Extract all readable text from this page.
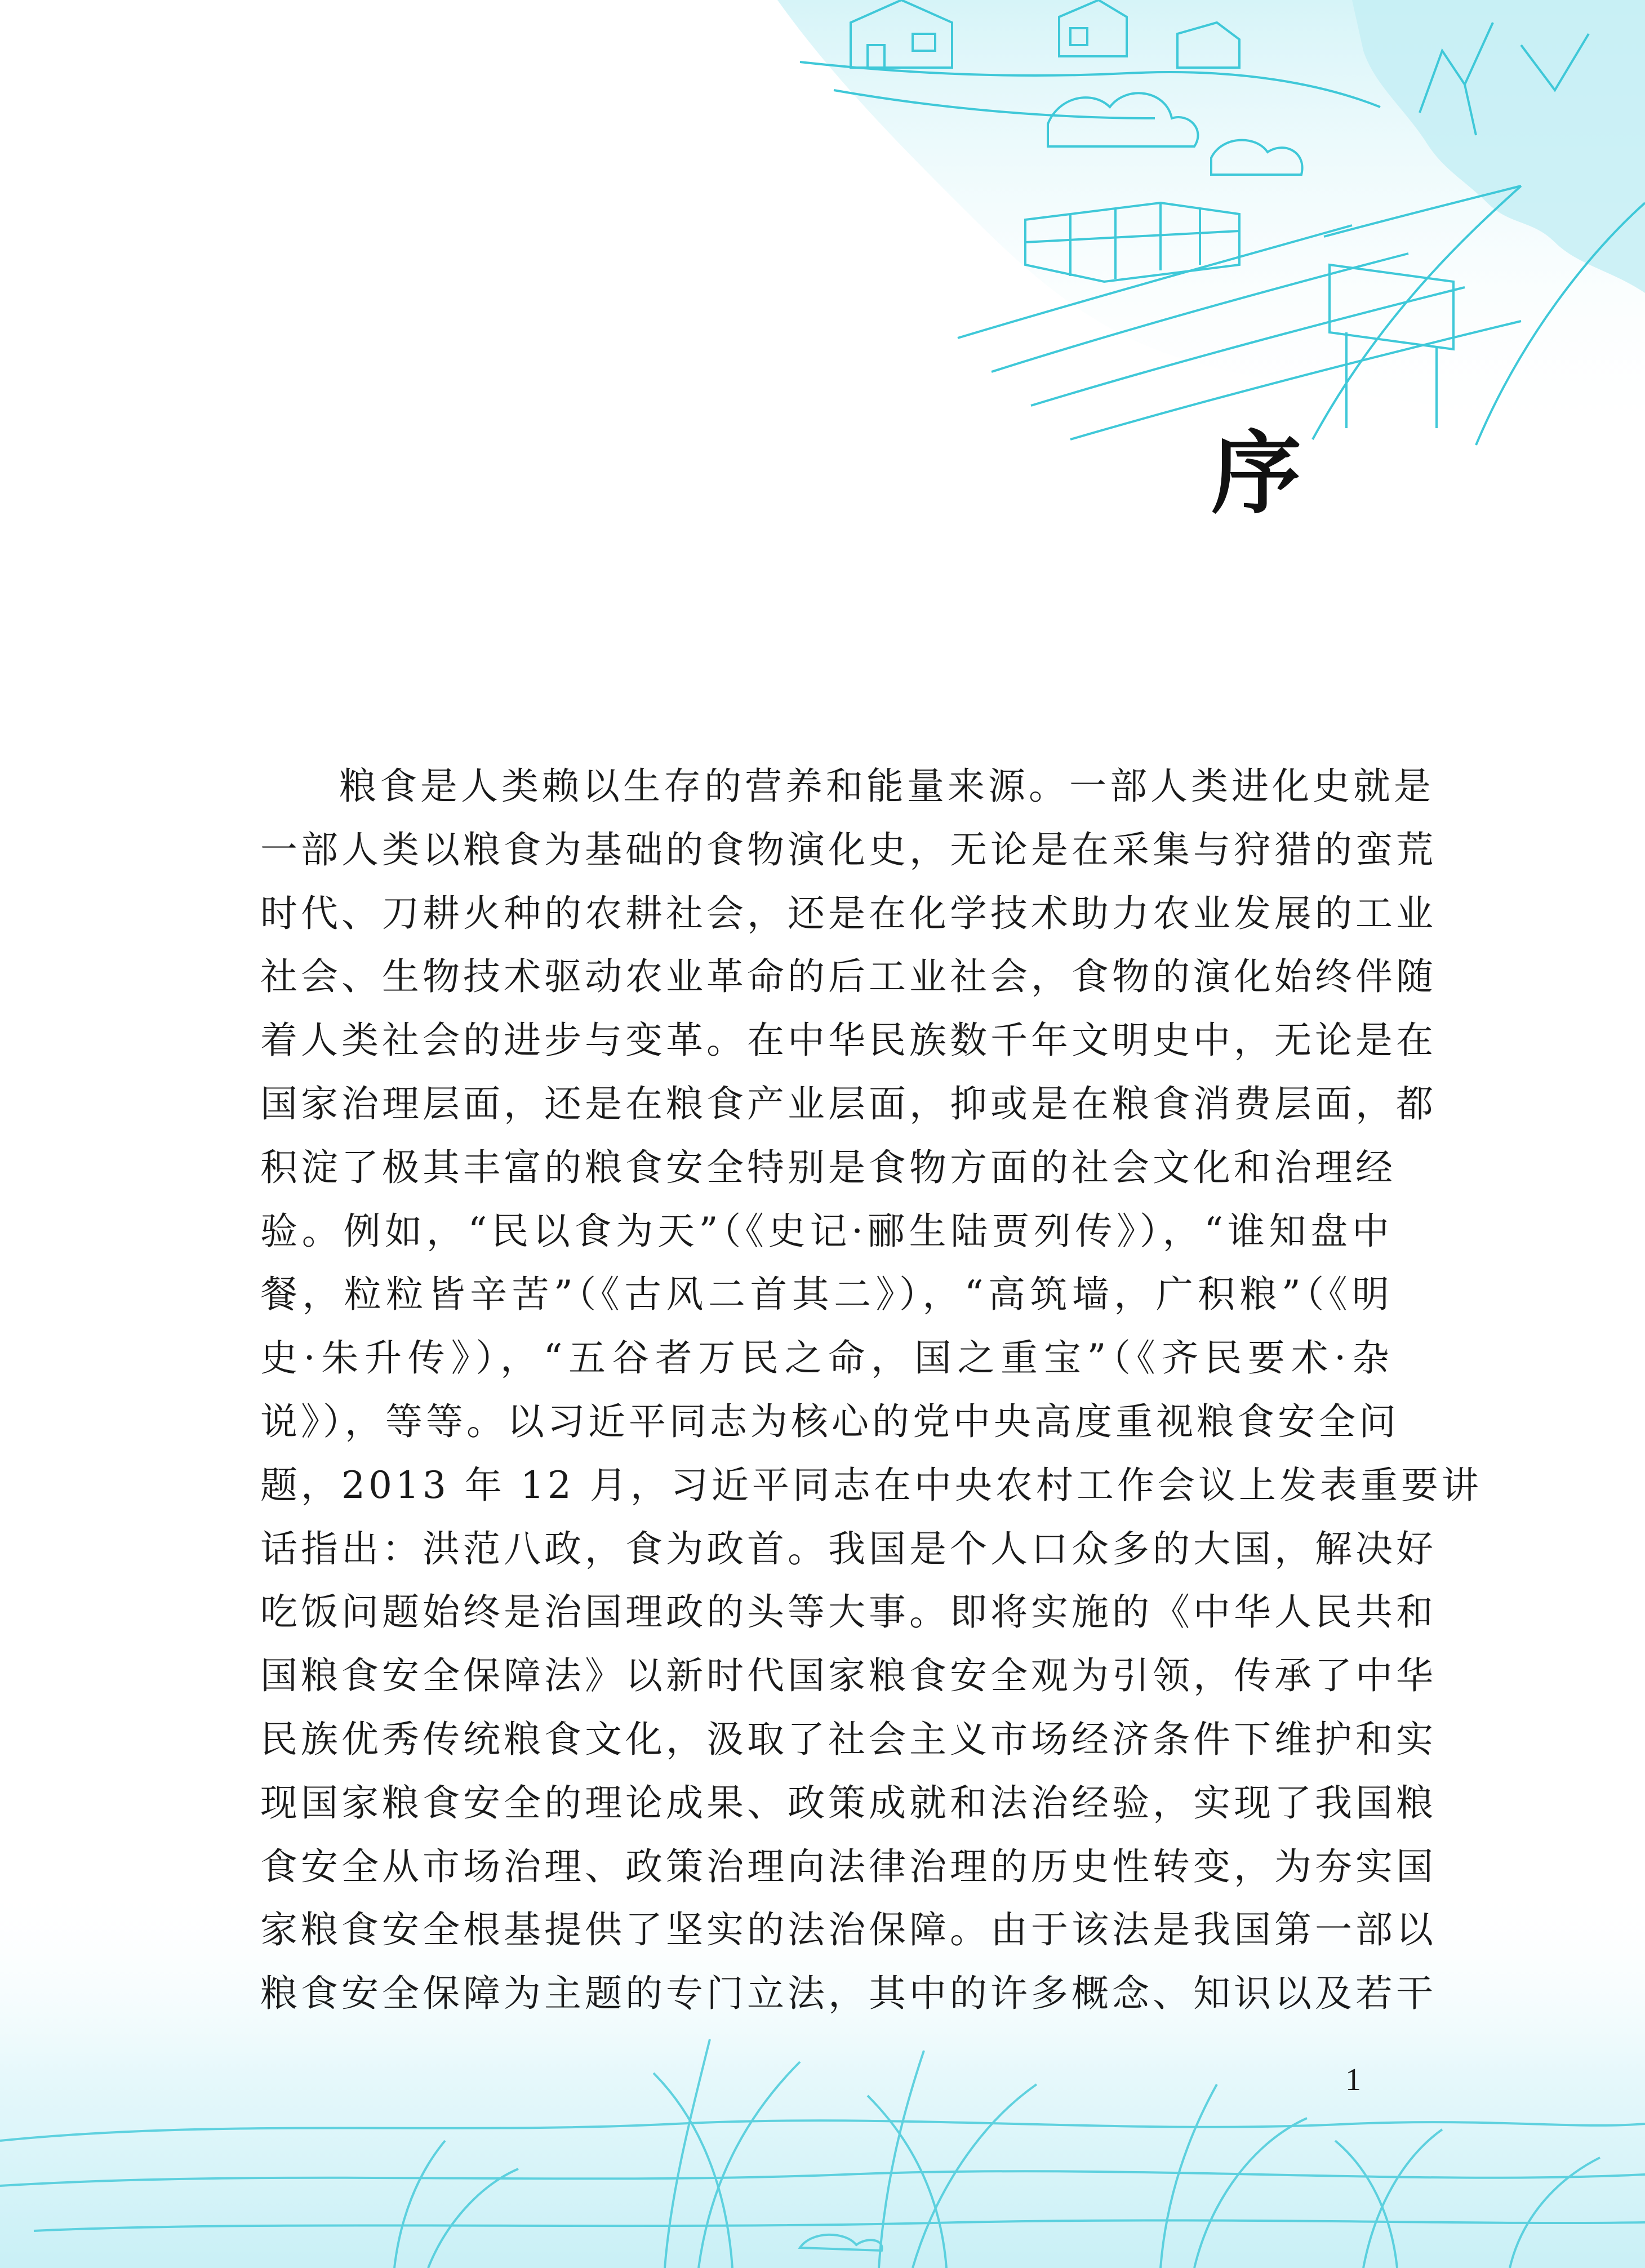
序
粮食是人类赖以生存的营养和能量来源。一部人类进化史就是
一部人类以粮食为基础的食物演化史，无论是在采集与狩猎的蛮荒
时代、刀耕火种的农耕社会，还是在化学技术助力农业发展的工业
社会、生物技术驱动农业革命的后工业社会，食物的演化始终伴随
着人类社会的进步与变革。在中华民族数千年文明史中，无论是在
国家治理层面，还是在粮食产业层面，抑或是在粮食消费层面，都
积淀了极其丰富的粮食安全特别是食物方面的社会文化和治理经
验。例如，“民以食为天”（《史记·郦生陆贾列传》），“谁知盘中
餐，粒粒皆辛苦”（《古风二首其二》），“高筑墙，广积粮”（《明
史·朱升传》），“五谷者万民之命，国之重宝”（《齐民要术·杂
说》），等等。以习近平同志为核心的党中央高度重视粮食安全问
题，2013 年 12 月，习近平同志在中央农村工作会议上发表重要讲
话指出：洪范八政，食为政首。我国是个人口众多的大国，解决好
吃饭问题始终是治国理政的头等大事。即将实施的《中华人民共和
国粮食安全保障法》以新时代国家粮食安全观为引领，传承了中华
民族优秀传统粮食文化，汲取了社会主义市场经济条件下维护和实
现国家粮食安全的理论成果、政策成就和法治经验，实现了我国粮
食安全从市场治理、政策治理向法律治理的历史性转变，为夯实国
家粮食安全根基提供了坚实的法治保障。由于该法是我国第一部以
粮食安全保障为主题的专门立法，其中的许多概念、知识以及若干
1
